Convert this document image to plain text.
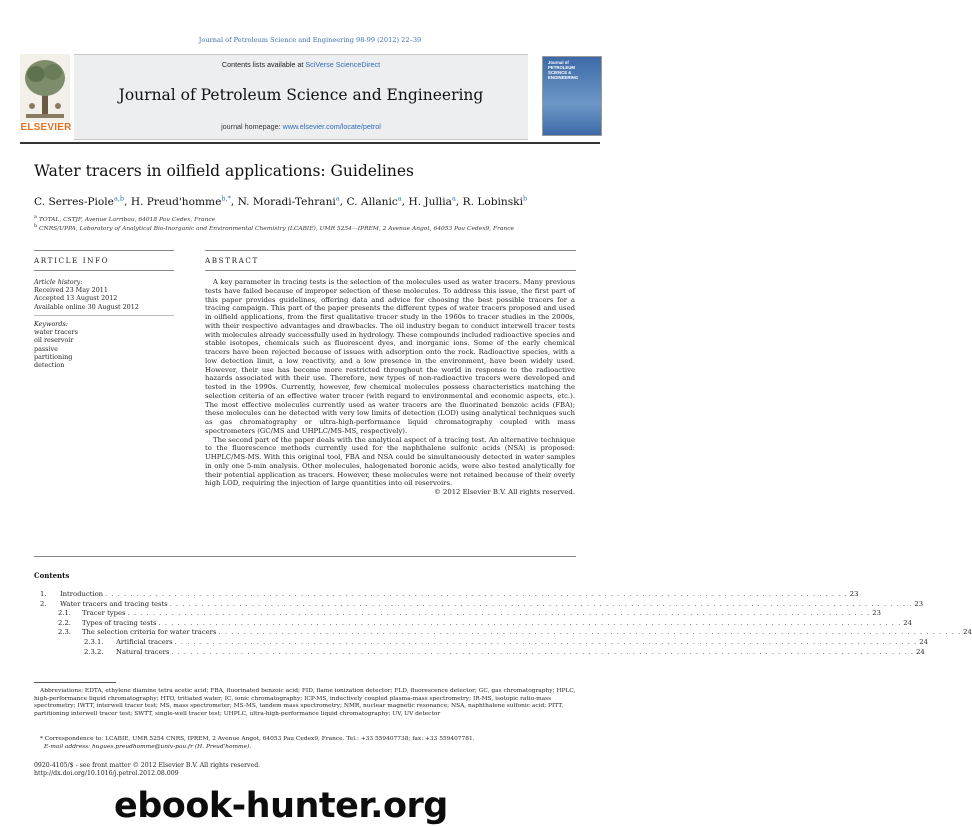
Journal of Petroleum Science and Engineering 98-99 (2012) 22–39
ELSEVIER
Contents lists available at SciVerse ScienceDirect
Journal of Petroleum Science and Engineering
journal homepage: www.elsevier.com/locate/petrol
Journal of PETROLEUM SCIENCE & ENGINEERING
Water tracers in oilfield applications: Guidelines
C. Serres-Piole$^{a,b}$, H. Preud'homme$^{b,*}$, N. Moradi-Tehrani$^a$, C. Allanic$^a$, H. Jullia$^a$, R. Lobinski$^b$
$^a$ TOTAL, CSTJF, Avenue Larribau, 64018 Pau Cedex, France
$^b$ CNRS/UPPA, Laboratory of Analytical Bio-Inorganic and Environmental Chemistry (LCABIE), UMR 5254—IPREM, 2 Avenue Angot, 64053 Pau Cedex9, France
ARTICLE INFO	ABSTRACT
Article history:
Received 23 May 2011
Accepted 13 August 2012
Available online 30 August 2012
Keywords:
water tracers
oil reservoir
passive
partitioning
detection

A key parameter in tracing tests is the selection of the molecules used as water tracers. Many previous tests have failed because of improper selection of these molecules. To address this issue, the first part of this paper provides guidelines, offering data and advice for choosing the best possible tracers for a tracing campaign. This part of the paper presents the different types of water tracers proposed and used in oilfield applications, from the first qualitative tracer study in the 1960s to tracer studies in the 2000s, with their respective advantages and drawbacks. The oil industry began to conduct interwell tracer tests with molecules already successfully used in hydrology. These compounds included radioactive species and stable isotopes, chemicals such as fluorescent dyes, and inorganic ions. Some of the early chemical tracers have been rejected because of issues with adsorption onto the rock. Radioactive species, with a low detection limit, a low reactivity, and a low presence in the environment, have been widely used. However, their use has become more restricted throughout the world in response to the radioactive hazards associated with their use. Therefore, new types of non-radioactive tracers were developed and tested in the 1990s. Currently, however, few chemical molecules possess characteristics matching the selection criteria of an effective water tracer (with regard to environmental and economic aspects, etc.). The most effective molecules currently used as water tracers are the fluorinated benzoic acids (FBA); these molecules can be detected with very low limits of detection (LOD) using analytical techniques such as gas chromatography or ultra-high-performance liquid chromatography coupled with mass spectrometers (GC/MS and UHPLC/MS-MS, respectively).

The second part of the paper deals with the analytical aspect of a tracing test. An alternative technique to the fluorescence methods currently used for the naphthalene sulfonic acids (NSA) is proposed: UHPLC/MS-MS. With this original tool, FBA and NSA could be simultaneously detected in water samples in only one 5-min analysis. Other molecules, halogenated boronic acids, were also tested analytically for their potential application as tracers. However, these molecules were not retained because of their overly high LOD, requiring the injection of large quantities into oil reservoirs.

© 2012 Elsevier B.V. All rights reserved.
Contents
1.	Introduction . . . . . . . . . . . . . . . . . . . . . . . . . . . . . . . . . . . . . . . . . . . . . . . . . . . . . . . . . . . . . . . . . . . . . . . . . . . . . . . . . . . . . . . . . . . . . . . . . . . . . . . . . . . . . . . . . . . . . . 23
2.	Water tracers and tracing tests . . . . . . . . . . . . . . . . . . . . . . . . . . . . . . . . . . . . . . . . . . . . . . . . . . . . . . . . . . . . . . . . . . . . . . . . . . . . . . . . . . . . . . . . . . . . . . . . . . . . . . . . . . . . . . . . . . . . . . 23
2.1.	Tracer types . . . . . . . . . . . . . . . . . . . . . . . . . . . . . . . . . . . . . . . . . . . . . . . . . . . . . . . . . . . . . . . . . . . . . . . . . . . . . . . . . . . . . . . . . . . . . . . . . . . . . . . . . . . . . . . . . . . . . . 23
2.2.	Types of tracing tests . . . . . . . . . . . . . . . . . . . . . . . . . . . . . . . . . . . . . . . . . . . . . . . . . . . . . . . . . . . . . . . . . . . . . . . . . . . . . . . . . . . . . . . . . . . . . . . . . . . . . . . . . . . . . . . . . . . . . . 24
2.3.	The selection criteria for water tracers . . . . . . . . . . . . . . . . . . . . . . . . . . . . . . . . . . . . . . . . . . . . . . . . . . . . . . . . . . . . . . . . . . . . . . . . . . . . . . . . . . . . . . . . . . . . . . . . . . . . . . . . . . . . . . . . . . . . . . 24
2.3.1.	Artificial tracers . . . . . . . . . . . . . . . . . . . . . . . . . . . . . . . . . . . . . . . . . . . . . . . . . . . . . . . . . . . . . . . . . . . . . . . . . . . . . . . . . . . . . . . . . . . . . . . . . . . . . . . . . . . . . . . . . . . . . . 24
2.3.2.	Natural tracers . . . . . . . . . . . . . . . . . . . . . . . . . . . . . . . . . . . . . . . . . . . . . . . . . . . . . . . . . . . . . . . . . . . . . . . . . . . . . . . . . . . . . . . . . . . . . . . . . . . . . . . . . . . . . . . . . . . . . . 24
Abbreviations: EDTA, ethylene diamine tetra acetic acid; FBA, fluorinated benzoic acid; FID, flame ionization detector; FLD, fluorescence detector; GC, gas chromatography; HPLC, high-performance liquid chromatography; HTO, tritiated water; IC, ionic chromatography; ICP-MS, inductively coupled plasma-mass spectrometry; IR-MS, isotopic ratio-mass spectrometry; IWTT, interwell tracer test; MS, mass spectrometer; MS-MS, tandem mass spectrometry; NMR, nuclear magnetic resonance; NSA, naphthalene sulfonic acid; PITT, partitioning interwell tracer test; SWTT, single-well tracer test; UHPLC, ultra-high-performance liquid chromatography; UV, UV detector
* Correspondence to: LCABIE, UMR 5254 CNRS, IPREM, 2 Avenue Angot, 64053 Pau Cedex9, France. Tel.: +33 559407738; fax: +33 559407781.
E-mail address: hugues.preudhomme@univ-pau.fr (H. Preud'homme).
0920-4105/$ - see front matter © 2012 Elsevier B.V. All rights reserved.
http://dx.doi.org/10.1016/j.petrol.2012.08.009
ebook-hunter.org
